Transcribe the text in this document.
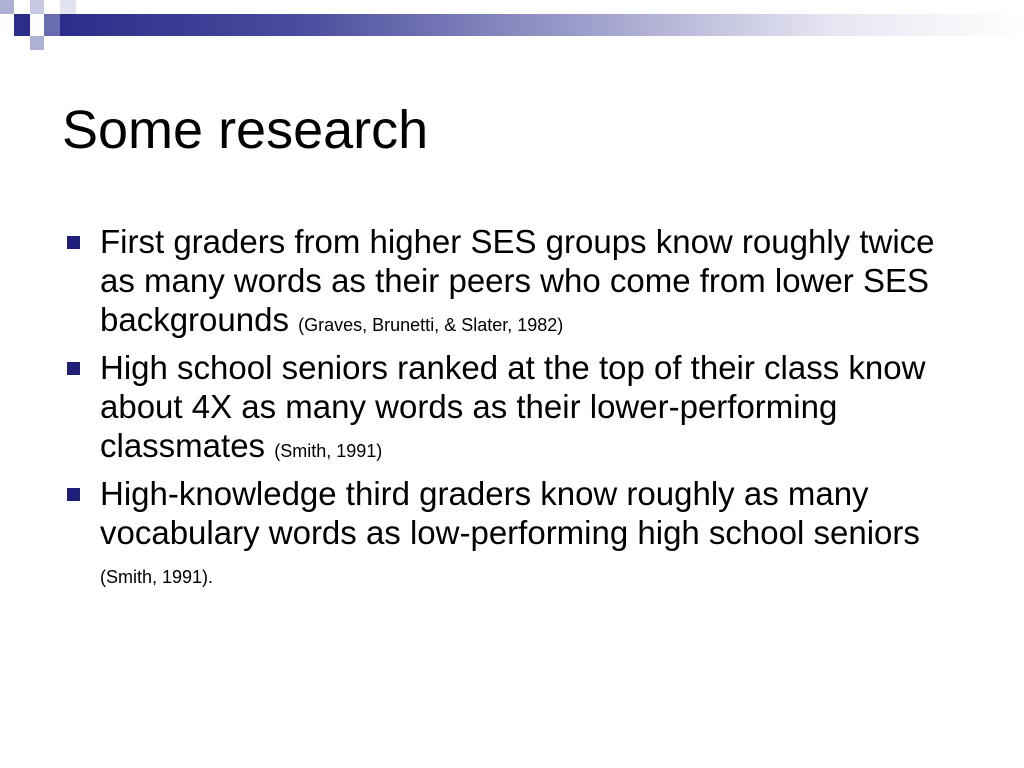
Some research
First graders from higher SES groups know roughly twice as many words as their peers who come from lower SES backgrounds (Graves, Brunetti, & Slater, 1982)
High school seniors ranked at the top of their class know about 4X as many words as their lower-performing classmates (Smith, 1991)
High-knowledge third graders know roughly as many vocabulary words as low-performing high school seniors (Smith, 1991).
